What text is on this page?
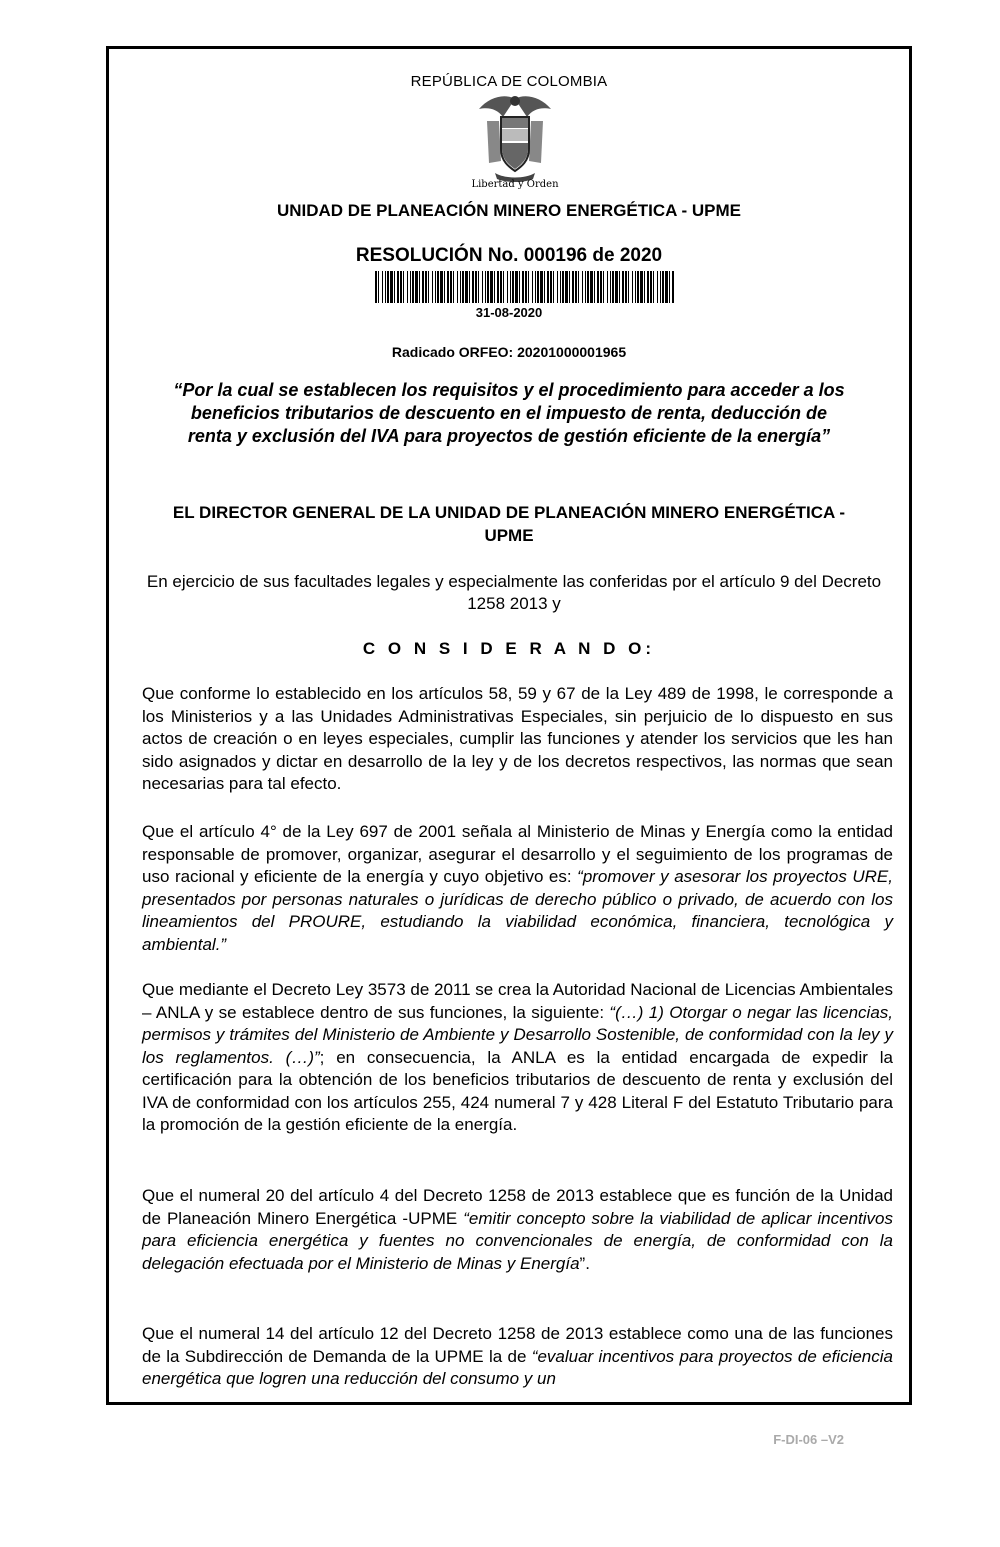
REPÚBLICA DE COLOMBIA
Libertad y Orden
UNIDAD DE PLANEACIÓN MINERO ENERGÉTICA - UPME
RESOLUCIÓN No. 000196 de 2020
31-08-2020
Radicado ORFEO: 20201000001965
“Por la cual se establecen los requisitos y el procedimiento para acceder a los beneficios tributarios de descuento en el impuesto de renta, deducción de renta y exclusión del IVA para proyectos de gestión eficiente de la energía”
EL DIRECTOR GENERAL DE LA UNIDAD DE PLANEACIÓN MINERO ENERGÉTICA - UPME
En ejercicio de sus facultades legales y especialmente las conferidas por el artículo 9 del Decreto 1258 2013 y
C O N S I D E R A N D O:
Que conforme lo establecido en los artículos 58, 59 y 67 de la Ley 489 de 1998, le corresponde a los Ministerios y a las Unidades Administrativas Especiales, sin perjuicio de lo dispuesto en sus actos de creación o en leyes especiales, cumplir las funciones y atender los servicios que les han sido asignados y dictar en desarrollo de la ley y de los decretos respectivos, las normas que sean necesarias para tal efecto.
Que el artículo 4° de la Ley 697 de 2001 señala al Ministerio de Minas y Energía como la entidad responsable de promover, organizar, asegurar el desarrollo y el seguimiento de los programas de uso racional y eficiente de la energía y cuyo objetivo es: “promover y asesorar los proyectos URE, presentados por personas naturales o jurídicas de derecho público o privado, de acuerdo con los lineamientos del PROURE, estudiando la viabilidad económica, financiera, tecnológica y ambiental.”
Que mediante el Decreto Ley 3573 de 2011 se crea la Autoridad Nacional de Licencias Ambientales – ANLA y se establece dentro de sus funciones, la siguiente: “(…) 1) Otorgar o negar las licencias, permisos y trámites del Ministerio de Ambiente y Desarrollo Sostenible, de conformidad con la ley y los reglamentos. (…)”; en consecuencia, la ANLA es la entidad encargada de expedir la certificación para la obtención de los beneficios tributarios de descuento de renta y exclusión del IVA de conformidad con los artículos 255, 424 numeral 7 y 428 Literal F del Estatuto Tributario para la promoción de la gestión eficiente de la energía.
Que el numeral 20 del artículo 4 del Decreto 1258 de 2013 establece que es función de la Unidad de Planeación Minero Energética -UPME “emitir concepto sobre la viabilidad de aplicar incentivos para eficiencia energética y fuentes no convencionales de energía, de conformidad con la delegación efectuada por el Ministerio de Minas y Energía”.
Que el numeral 14 del artículo 12 del Decreto 1258 de 2013 establece como una de las funciones de la Subdirección de Demanda de la UPME la de “evaluar incentivos para proyectos de eficiencia energética que logren una reducción del consumo y un
F-DI-06 –V2
